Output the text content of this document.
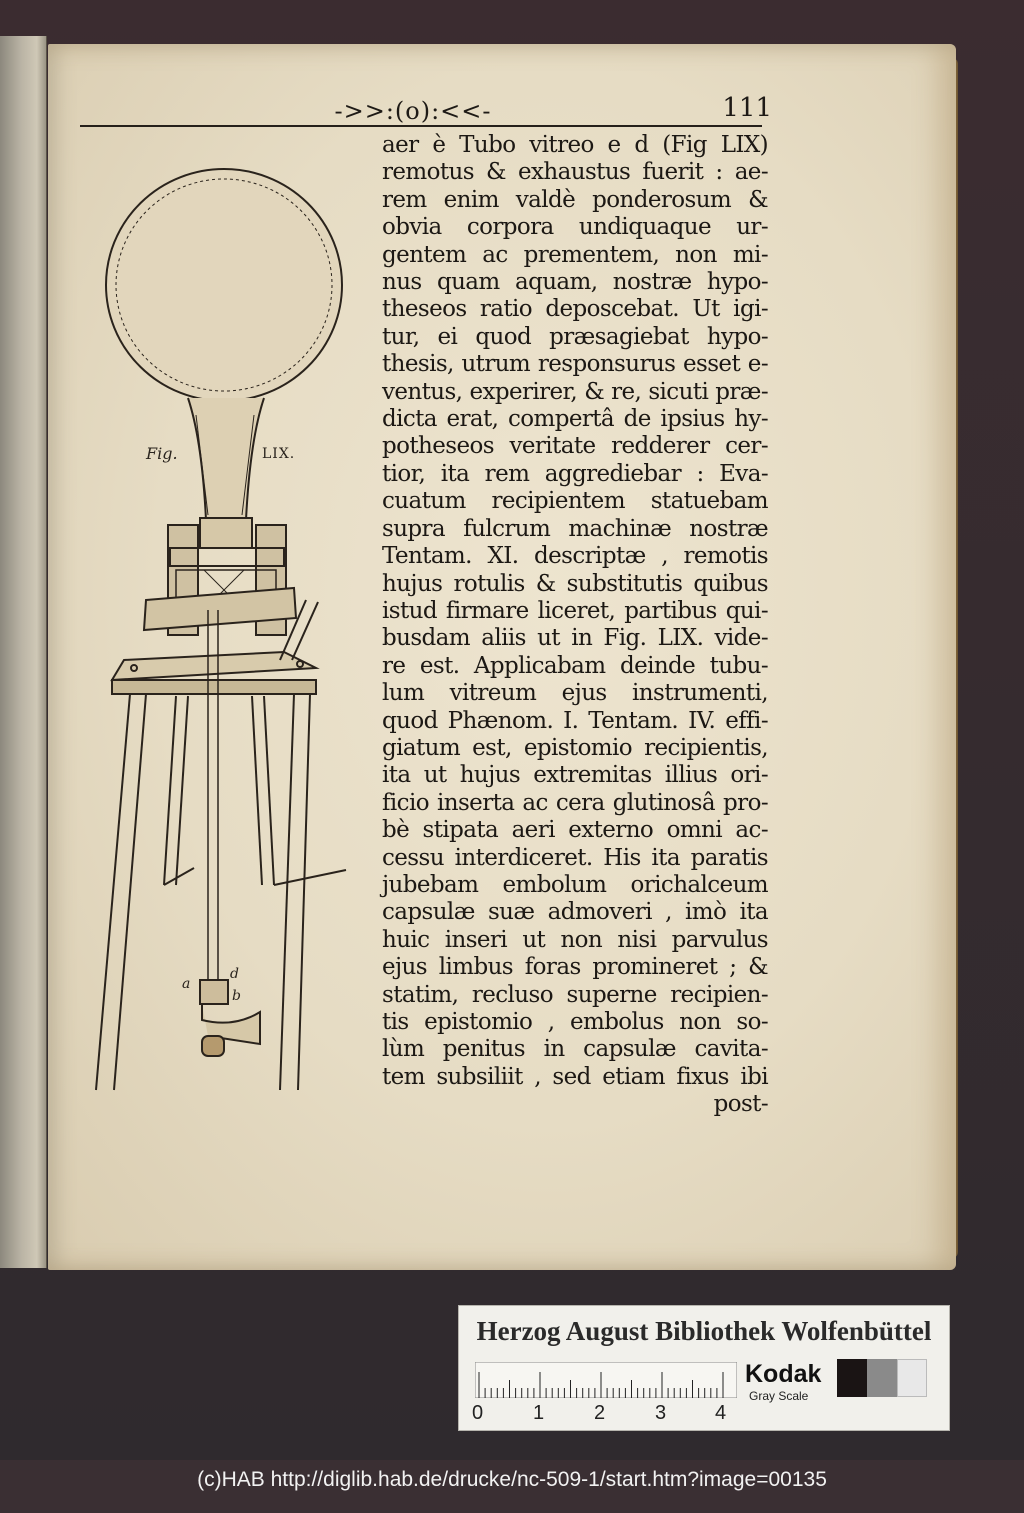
->>:(o):<<-	111
Fig.	LIX.
a
d
b
aer è Tubo vitreo e d (Fig LIX)
remotus & exhaustus fuerit : ae-
rem enim valdè ponderosum &
obvia corpora undiquaque ur-
gentem ac prementem, non mi-
nus quam aquam, nostræ hypo-
theseos ratio deposcebat. Ut igi-
tur, ei quod præsagiebat hypo-
thesis, utrum responsurus esset e-
ventus, experirer, & re, sicuti præ-
dicta erat, compertâ de ipsius hy-
potheseos veritate redderer cer-
tior, ita rem aggrediebar : Eva-
cuatum recipientem statuebam
supra fulcrum machinæ nostræ
Tentam. XI. descriptæ , remotis
hujus rotulis & substitutis quibus
istud firmare liceret, partibus qui-
busdam aliis ut in Fig. LIX. vide-
re est. Applicabam deinde tubu-
lum vitreum ejus instrumenti,
quod Phænom. I. Tentam. IV. effi-
giatum est, epistomio recipientis,
ita ut hujus extremitas illius ori-
ficio inserta ac cera glutinosâ pro-
bè stipata aeri externo omni ac-
cessu interdiceret. His ita paratis
jubebam embolum orichalceum
capsulæ suæ admoveri , imò ita
huic inseri ut non nisi parvulus
ejus limbus foras promineret ; &
statim, recluso superne recipien-
tis epistomio , embolus non so-
lùm penitus in capsulæ cavita-
tem subsiliit , sed etiam fixus ibi
post-
Herzog August Bibliothek Wolfenbüttel
0 1 2 3 4
Kodak
Gray Scale
(c)HAB http://diglib.hab.de/drucke/nc-509-1/start.htm?image=00135
